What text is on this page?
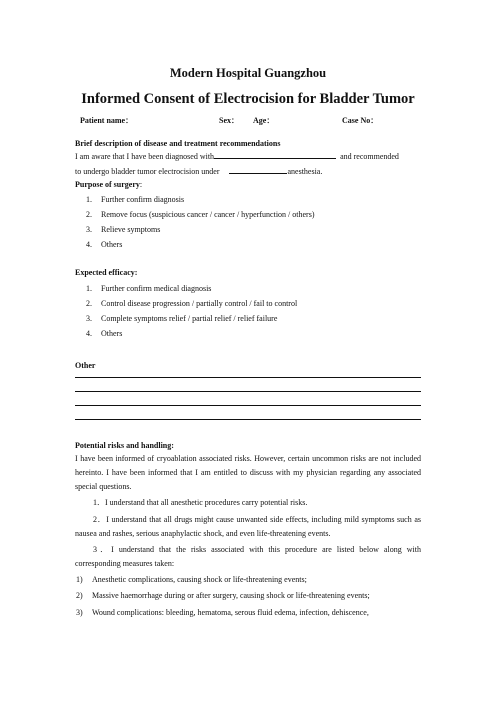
Modern Hospital Guangzhou
Informed Consent of Electrocision for Bladder Tumor
Patient name：	Sex： Age：	Case No：
Brief description of disease and treatment recommendations
I am aware that I have been diagnosed with	and recommended
to undergo bladder tumor electrocision under	anesthesia.
Purpose of surgery:
1. Further confirm diagnosis
2. Remove focus (suspicious cancer / cancer / hyperfunction / others)
3. Relieve symptoms
4. Others
Expected efficacy:
1. Further confirm medical diagnosis
2. Control disease progression / partially control / fail to control
3. Complete symptoms relief / partial relief / relief failure
4. Others
Other
Potential risks and handling:
I have been informed of cryoablation associated risks. However, certain uncommon risks are not included hereinto. I have been informed that I am entitled to discuss with my physician regarding any associated special questions.
1．I understand that all anesthetic procedures carry potential risks.
2．I understand that all drugs might cause unwanted side effects, including mild symptoms such as nausea and rashes, serious anaphylactic shock, and even life-threatening events.
3．I understand that the risks associated with this procedure are listed below along with corresponding measures taken:
1) Anesthetic complications, causing shock or life-threatening events;
2) Massive haemorrhage during or after surgery, causing shock or life-threatening events;
3) Wound complications: bleeding, hematoma, serous fluid edema, infection, dehiscence,
